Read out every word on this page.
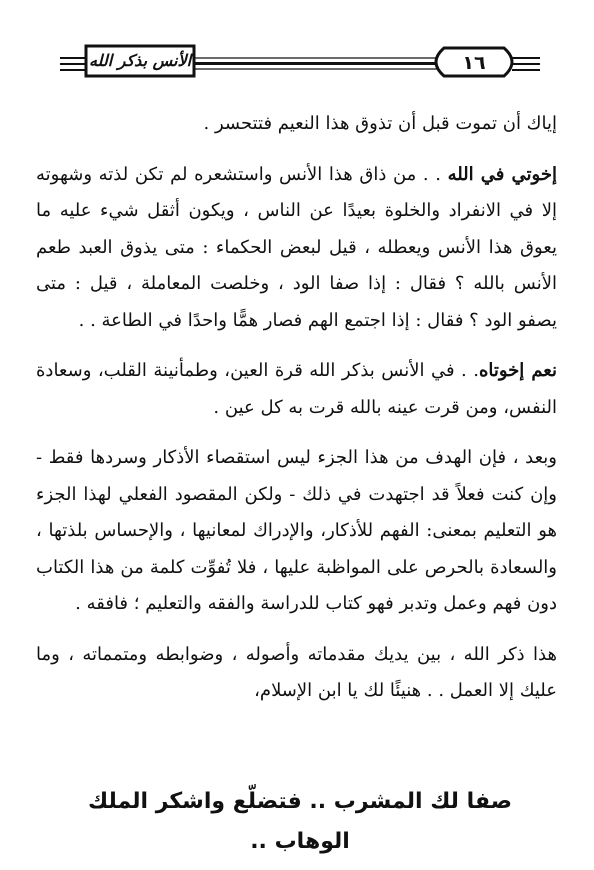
الأنس بذكر الله	١٦

إياك أن تموت قبل أن تذوق هذا النعيم فتتحسر .

إخوتي في الله . . من ذاق هذا الأنس واستشعره لم تكن لذته وشهوته إلا في الانفراد والخلوة بعيدًا عن الناس ، ويكون أثقل شيء عليه ما يعوق هذا الأنس ويعطله ، قيل لبعض الحكماء : متى يذوق العبد طعم الأنس بالله ؟ فقال : إذا صفا الود ، وخلصت المعاملة ، قيل : متى يصفو الود ؟ فقال : إذا اجتمع الهم فصار همًّا واحدًا في الطاعة . .

نعم إخوتاه. . في الأنس بذكر الله قرة العين، وطمأنينة القلب، وسعادة النفس، ومن قرت عينه بالله قرت به كل عين .

وبعد ، فإن الهدف من هذا الجزء ليس استقصاء الأذكار وسردها فقط - وإن كنت فعلاً قد اجتهدت في ذلك - ولكن المقصود الفعلي لهذا الجزء هو التعليم بمعنى: الفهم للأذكار، والإدراك لمعانيها ، والإحساس بلذتها ، والسعادة بالحرص على المواظبة عليها ، فلا تُفوِّت كلمة من هذا الكتاب دون فهم وعمل وتدبر فهو كتاب للدراسة والفقه والتعليم ؛ فافقه .

هذا ذكر الله ، بين يديك مقدماته وأصوله ، وضوابطه ومتمماته ، وما عليك إلا العمل . . هنيئًا لك يا ابن الإسلام،

صفا لك المشرب .. فتضلّع واشكر الملك الوهاب ..
